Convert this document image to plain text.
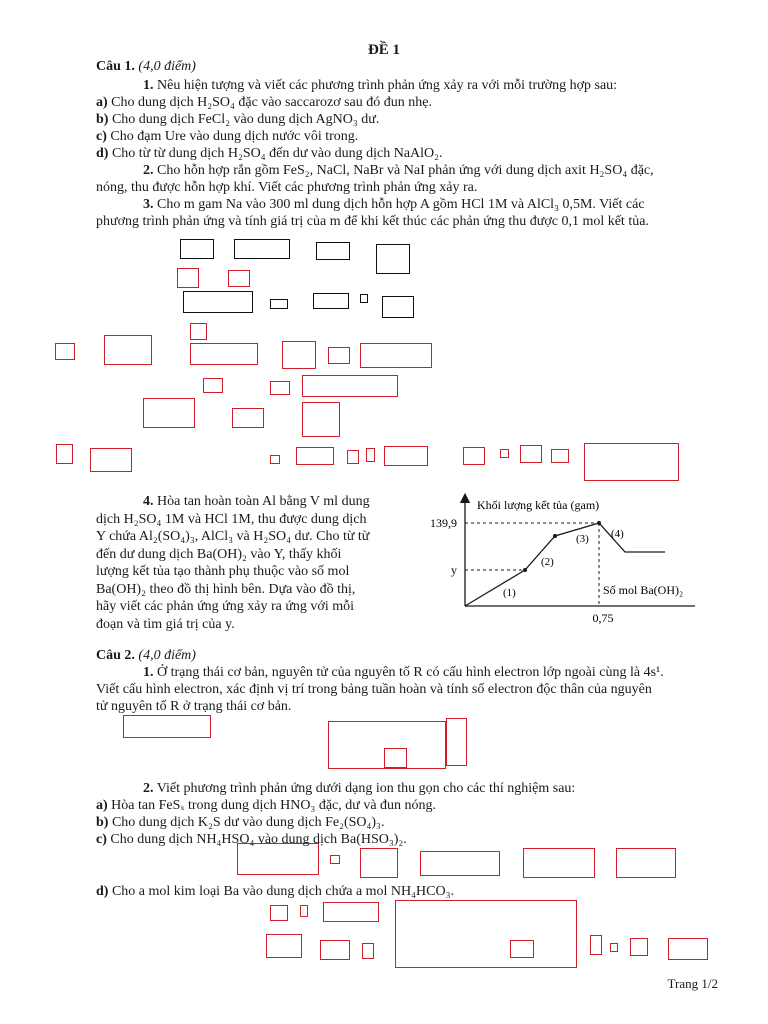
ĐỀ 1
Câu 1. (4,0 điểm)
1. Nêu hiện tượng và viết các phương trình phản ứng xảy ra với mỗi trường hợp sau:
a) Cho dung dịch H₂SO₄ đặc vào saccarozơ sau đó đun nhẹ.
b) Cho dung dịch FeCl₂ vào dung dịch AgNO₃ dư.
c) Cho đạm Ure vào dung dịch nước vôi trong.
d) Cho từ từ dung dịch H₂SO₄ đến dư vào dung dịch NaAlO₂.
2. Cho hỗn hợp rắn gồm FeS₂, NaCl, NaBr và NaI phản ứng với dung dịch axit H₂SO₄ đặc,
nóng, thu được hỗn hợp khí. Viết các phương trình phản ứng xảy ra.
3. Cho m gam Na vào 300 ml dung dịch hỗn hợp A gồm HCl 1M và AlCl₃ 0,5M. Viết các
phương trình phản ứng và tính giá trị của m để khi kết thúc các phản ứng thu được 0,1 mol kết tủa.
4. Hòa tan hoàn toàn Al bằng V ml dung
dịch H₂SO₄ 1M và HCl 1M, thu được dung dịch
Y chứa Al₂(SO₄)₃, AlCl₃ và H₂SO₄ dư. Cho từ từ
đến dư dung dịch Ba(OH)₂ vào Y, thấy khối
lượng kết tủa tạo thành phụ thuộc vào số mol
Ba(OH)₂ theo đồ thị hình bên. Dựa vào đồ thị,
hãy viết các phản ứng ứng xảy ra ứng với mỗi
đoạn và tìm giá trị của y.
Khối lượng kết tủa (gam)
139,9
y
Số mol Ba(OH)₂
0,75
(1)
(2)
(3) (4)
Câu 2. (4,0 điểm)
1. Ở trạng thái cơ bản, nguyên tử của nguyên tố R có cấu hình electron lớp ngoài cùng là 4s¹.
Viết cấu hình electron, xác định vị trí trong bảng tuần hoàn và tính số electron độc thân của nguyên
tử nguyên tố R ở trạng thái cơ bản.
2. Viết phương trình phản ứng dưới dạng ion thu gọn cho các thí nghiệm sau:
a) Hòa tan FeSₓ trong dung dịch HNO₃ đặc, dư và đun nóng.
b) Cho dung dịch K₂S dư vào dung dịch Fe₂(SO₄)₃.
c) Cho dung dịch NH₄HSO₄ vào dung dịch Ba(HSO₃)₂.
d) Cho a mol kim loại Ba vào dung dịch chứa a mol NH₄HCO₃.
Trang 1/2
